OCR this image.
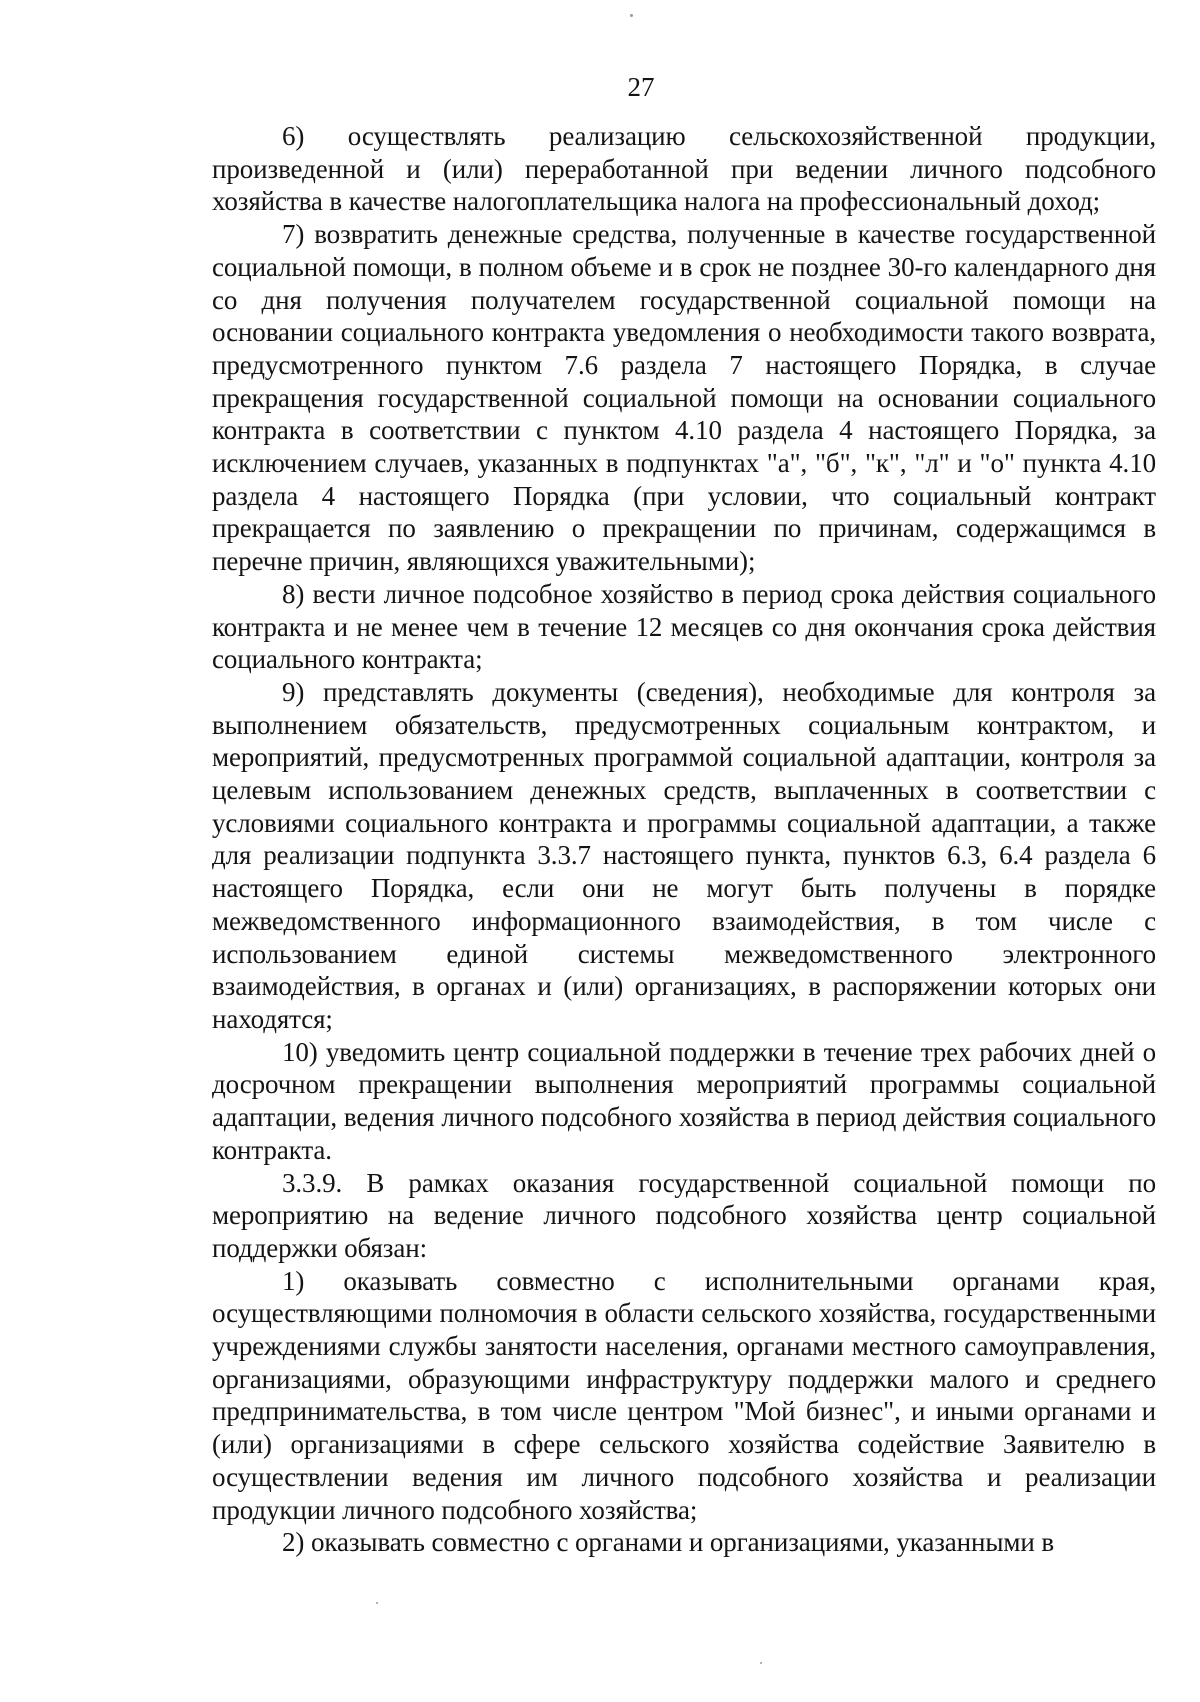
27

6) осуществлять реализацию сельскохозяйственной продукции, произведенной и (или) переработанной при ведении личного подсобного хозяйства в качестве налогоплательщика налога на профессиональный доход;

7) возвратить денежные средства, полученные в качестве государственной социальной помощи, в полном объеме и в срок не позднее 30-го календарного дня со дня получения получателем государственной социальной помощи на основании социального контракта уведомления о необходимости такого возврата, предусмотренного пунктом 7.6 раздела 7 настоящего Порядка, в случае прекращения государственной социальной помощи на основании социального контракта в соответствии с пунктом 4.10 раздела 4 настоящего Порядка, за исключением случаев, указанных в подпунктах "а", "б", "к", "л" и "о" пункта 4.10 раздела 4 настоящего Порядка (при условии, что социальный контракт прекращается по заявлению о прекращении по причинам, содержащимся в перечне причин, являющихся уважительными);

8) вести личное подсобное хозяйство в период срока действия социального контракта и не менее чем в течение 12 месяцев со дня окончания срока действия социального контракта;

9) представлять документы (сведения), необходимые для контроля за выполнением обязательств, предусмотренных социальным контрактом, и мероприятий, предусмотренных программой социальной адаптации, контроля за целевым использованием денежных средств, выплаченных в соответствии с условиями социального контракта и программы социальной адаптации, а также для реализации подпункта 3.3.7 настоящего пункта, пунктов 6.3, 6.4 раздела 6 настоящего Порядка, если они не могут быть получены в порядке межведомственного информационного взаимодействия, в том числе с использованием единой системы межведомственного электронного взаимодействия, в органах и (или) организациях, в распоряжении которых они находятся;

10) уведомить центр социальной поддержки в течение трех рабочих дней о досрочном прекращении выполнения мероприятий программы социальной адаптации, ведения личного подсобного хозяйства в период действия социального контракта.

3.3.9. В рамках оказания государственной социальной помощи по мероприятию на ведение личного подсобного хозяйства центр социальной поддержки обязан:

1) оказывать совместно с исполнительными органами края, осуществляющими полномочия в области сельского хозяйства, государственными учреждениями службы занятости населения, органами местного самоуправления, организациями, образующими инфраструктуру поддержки малого и среднего предпринимательства, в том числе центром "Мой бизнес", и иными органами и (или) организациями в сфере сельского хозяйства содействие Заявителю в осуществлении ведения им личного подсобного хозяйства и реализации продукции личного подсобного хозяйства;

2) оказывать совместно с органами и организациями, указанными в
